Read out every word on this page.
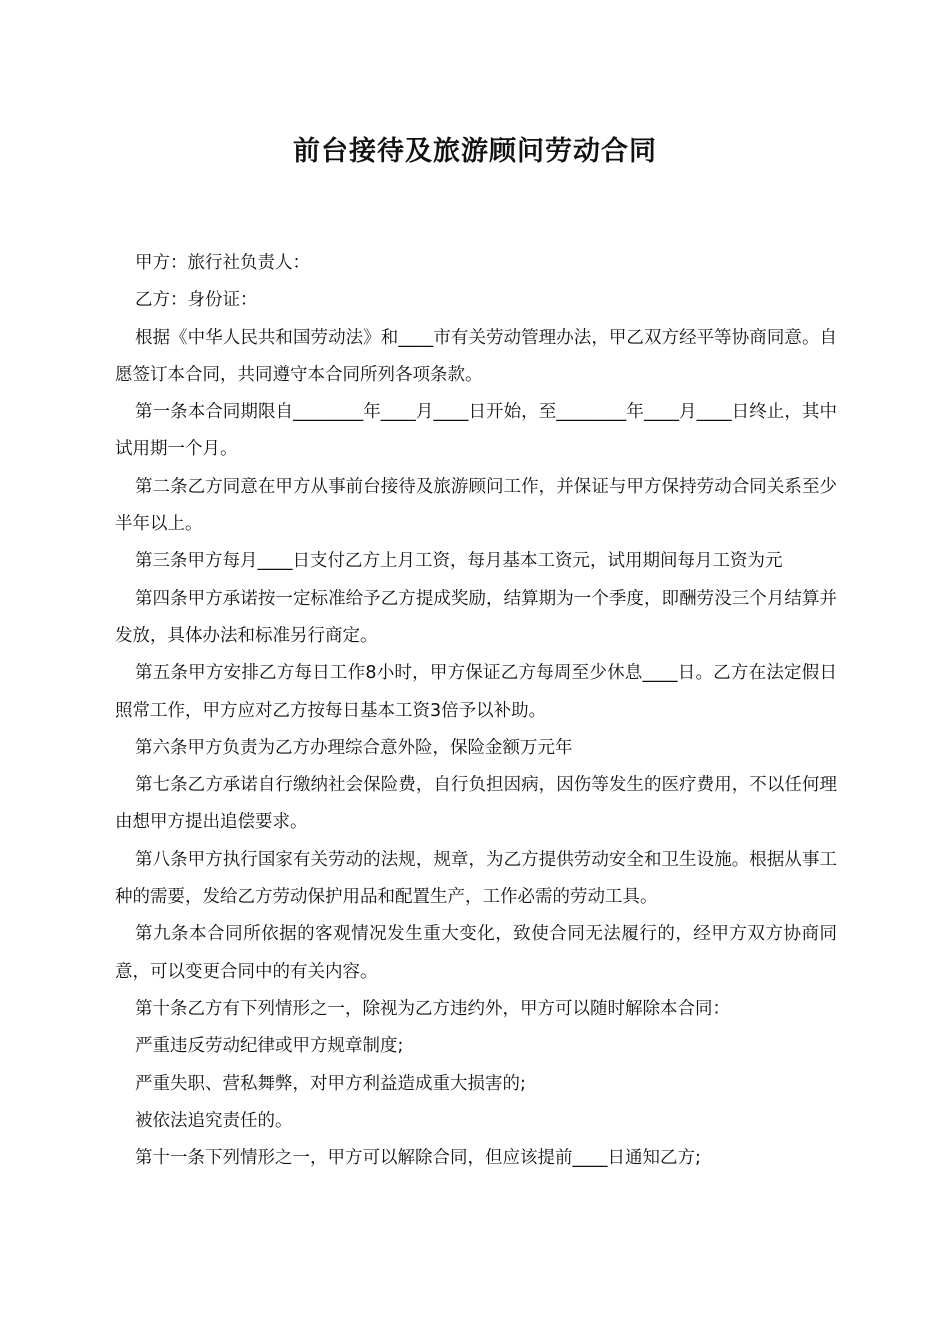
前台接待及旅游顾问劳动合同

甲方：旅行社负责人：

乙方：身份证：

根据《中华人民共和国劳动法》和____市有关劳动管理办法，甲乙双方经平等协商同意。自愿签订本合同，共同遵守本合同所列各项条款。

第一条本合同期限自________年____月____日开始，至________年____月____日终止，其中试用期一个月。

第二条乙方同意在甲方从事前台接待及旅游顾问工作，并保证与甲方保持劳动合同关系至少半年以上。

第三条甲方每月____日支付乙方上月工资，每月基本工资元，试用期间每月工资为元

第四条甲方承诺按一定标准给予乙方提成奖励，结算期为一个季度，即酬劳没三个月结算并发放，具体办法和标准另行商定。

第五条甲方安排乙方每日工作8小时，甲方保证乙方每周至少休息____日。乙方在法定假日照常工作，甲方应对乙方按每日基本工资3倍予以补助。

第六条甲方负责为乙方办理综合意外险，保险金额万元年

第七条乙方承诺自行缴纳社会保险费，自行负担因病，因伤等发生的医疗费用，不以任何理由想甲方提出追偿要求。

第八条甲方执行国家有关劳动的法规，规章，为乙方提供劳动安全和卫生设施。根据从事工种的需要，发给乙方劳动保护用品和配置生产，工作必需的劳动工具。

第九条本合同所依据的客观情况发生重大变化，致使合同无法履行的，经甲方双方协商同意，可以变更合同中的有关内容。

第十条乙方有下列情形之一，除视为乙方违约外，甲方可以随时解除本合同：

严重违反劳动纪律或甲方规章制度;

严重失职、营私舞弊，对甲方利益造成重大损害的;

被依法追究责任的。

第十一条下列情形之一，甲方可以解除合同，但应该提前____日通知乙方;
